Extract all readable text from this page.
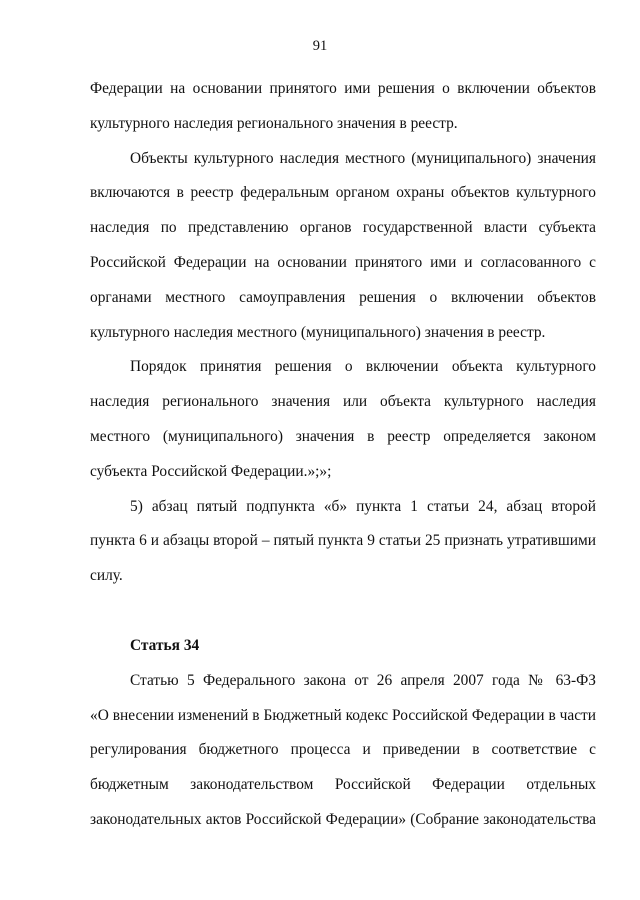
91

Федерации на основании принятого ими решения о включении объектов
культурного наследия регионального значения в реестр.

Объекты культурного наследия местного (муниципального) значения
включаются в реестр федеральным органом охраны объектов культурного
наследия по представлению органов государственной власти субъекта
Российской Федерации на основании принятого ими и согласованного с
органами местного самоуправления решения о включении объектов
культурного наследия местного (муниципального) значения в реестр.

Порядок принятия решения о включении объекта культурного
наследия регионального значения или объекта культурного наследия
местного (муниципального) значения в реестр определяется законом
субъекта Российской Федерации.»;»;

5) абзац пятый подпункта «б» пункта 1 статьи 24, абзац второй
пункта 6 и абзацы второй – пятый пункта 9 статьи 25 признать утратившими
силу.

Статья 34

Статью 5 Федерального закона от 26 апреля 2007 года № 63-ФЗ
«О внесении изменений в Бюджетный кодекс Российской Федерации в части
регулирования бюджетного процесса и приведении в соответствие с
бюджетным законодательством Российской Федерации отдельных
законодательных актов Российской Федерации» (Собрание законодательства
